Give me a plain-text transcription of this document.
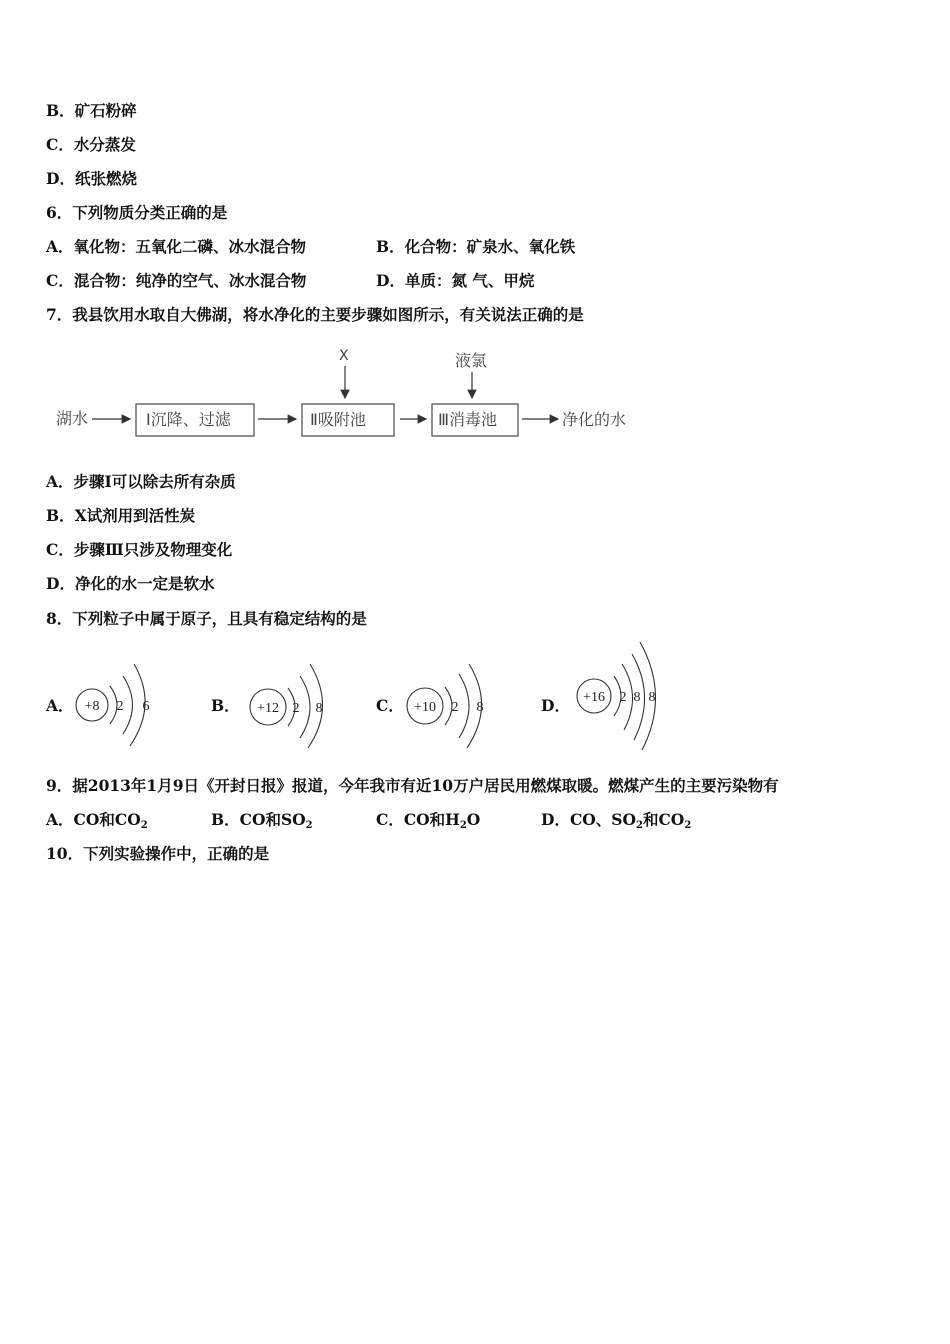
B．矿石粉碎
C．水分蒸发
D．纸张燃烧
6．下列物质分类正确的是
A．氧化物：五氧化二磷、冰水混合物	B．化合物：矿泉水、氧化铁
C．混合物：纯净的空气、冰水混合物	D．单质：氮 气、甲烷
7．我县饮用水取自大佛湖，将水净化的主要步骤如图所示，有关说法正确的是
湖水	Ⅰ沉降、过滤	Ⅱ吸附池	Ⅲ消毒池	净化的水
X	液氯
A．步骤Ⅰ可以除去所有杂质
B．X试剂用到活性炭
C．步骤Ⅲ只涉及物理变化
D．净化的水一定是软水
8．下列粒子中属于原子，且具有稳定结构的是
A． +8 2 6	B． +12 2 8	C． +10 2 8	D． +16 2 8 8
9．据2013年1月9日《开封日报》报道，今年我市有近10万户居民用燃煤取暖。燃煤产生的主要污染物有
A．CO和$CO_2$	B．CO和$SO_2$	C．CO和$H_2O$	D．CO、$SO_2$和$CO_2$
10．下列实验操作中，正确的是
